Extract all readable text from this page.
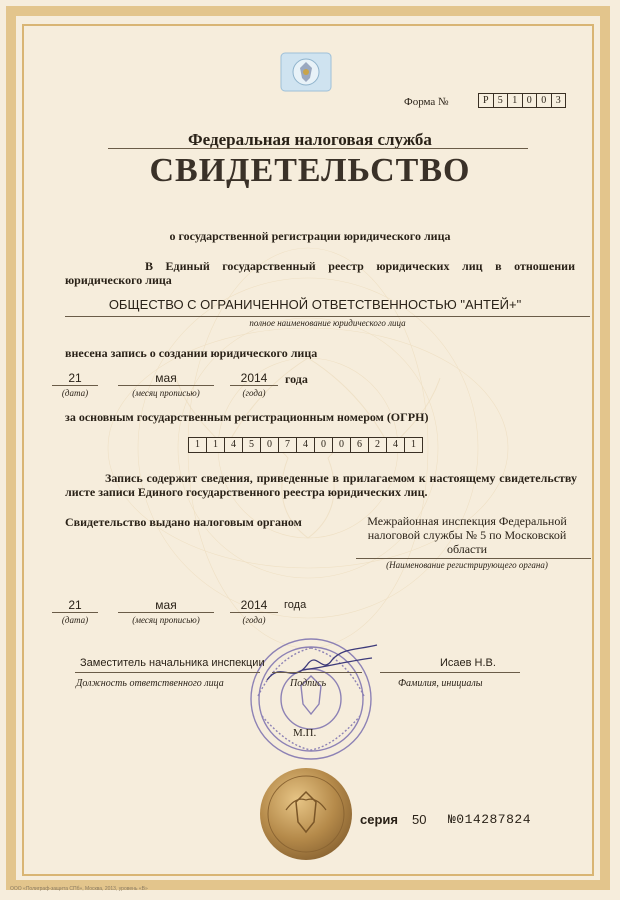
Форма №	Р 5 1 0 0 3
Федеральная налоговая служба
СВИДЕТЕЛЬСТВО
о государственной регистрации юридического лица
В Единый государственный реестр юридических лиц в отношении юридического лица
ОБЩЕСТВО С ОГРАНИЧЕННОЙ ОТВЕТСТВЕННОСТЬЮ "АНТЕЙ+"
полное наименование юридического лица
внесена запись о создании юридического лица
21	мая	2014	года
(дата)	(месяц прописью)	(года)
за основным государственным регистрационным номером (ОГРН)
1	1	4	5	0	7	4	0	0	6	2	4	1
Запись содержит сведения, приведенные в прилагаемом к настоящему свидетельству листе записи Единого государственного реестра юридических лиц.
Свидетельство выдано налоговым органом	Межрайонная инспекция Федеральной налоговой службы № 5 по Московской области
(Наименование регистрирующего органа)
21	мая	2014	года
(дата)	(месяц прописью)	(года)
Заместитель начальника инспекции	Исаев Н.В.
Должность ответственного лица	Подпись	Фамилия, инициалы
М.П.
серия 50 №014287824
ООО «Полиграф-защита СПб», Москва, 2013, уровень «В»
